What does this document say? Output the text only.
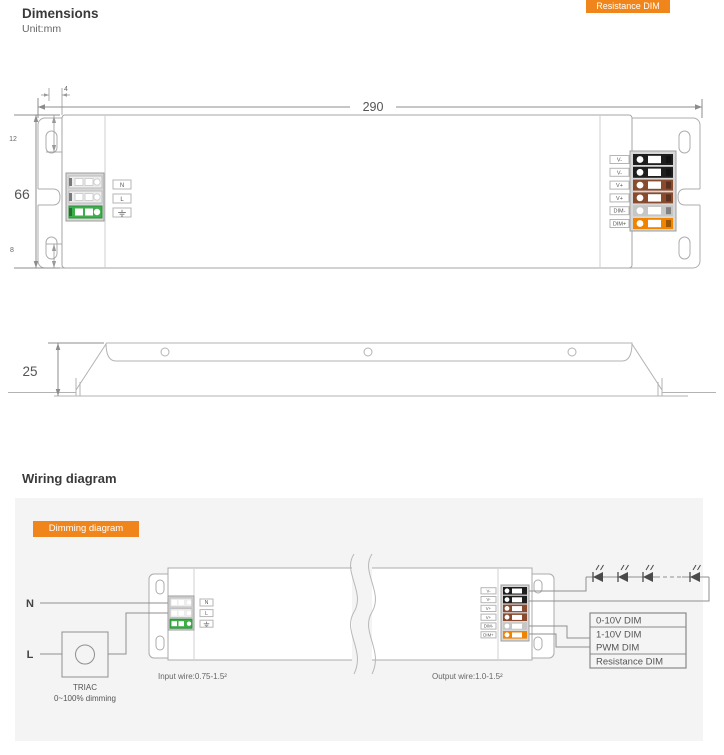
N
L
V-
V-
V+
V+
DIM-
DIM+
290
4
66
12
8
25
N
L
V-
V-
V+
V+
DIM-
DIM+
N
L
TRIAC
0~100% dimming
Input wire:0.75-1.5²	Output wire:1.0-1.5²
0-10V DIM
1-10V DIM
PWM DIM
Resistance DIM
Dimensions
Unit:mm
Resistance DIM
Wiring diagram
Dimming diagram
